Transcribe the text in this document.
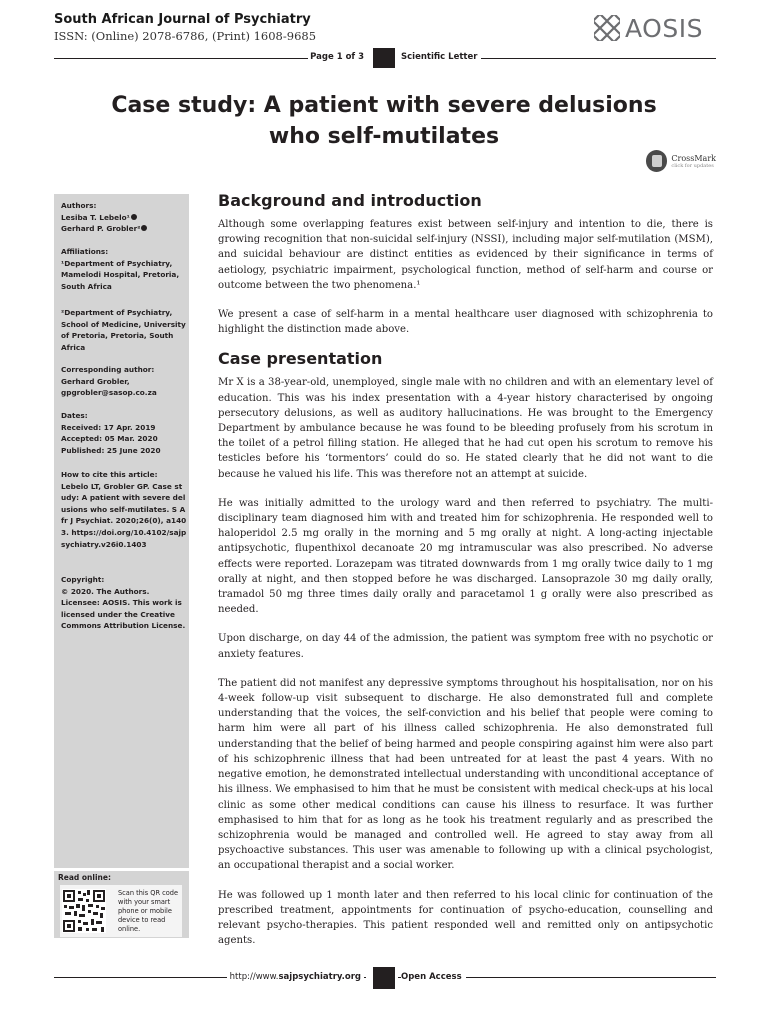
South African Journal of Psychiatry
ISSN: (Online) 2078-6786, (Print) 1608-9685	AOSIS
Page 1 of 3	Scientific Letter
Case study: A patient with severe delusions
who self-mutilates
CrossMark
click for updates
Authors:
Lesiba T. Lebelo¹
Gerhard P. Grobler²
Affiliations:
¹Department of Psychiatry, Mamelodi Hospital, Pretoria, South Africa
²Department of Psychiatry, School of Medicine, University of Pretoria, Pretoria, South Africa
Corresponding author:
Gerhard Grobler,
gpgrobler@sasop.co.za
Dates:
Received: 17 Apr. 2019
Accepted: 05 Mar. 2020
Published: 25 June 2020
How to cite this article:
Lebelo LT, Grobler GP. Case study: A patient with severe delusions who self-mutilates. S Afr J Psychiat. 2020;26(0), a1403. https://doi.org/10.4102/sajpsychiatry.v26i0.1403
Copyright:
© 2020. The Authors. Licensee: AOSIS. This work is licensed under the Creative Commons Attribution License.
Read online:
Scan this QR code with your smart phone or mobile device to read online.
Background and introduction

Although some overlapping features exist between self-injury and intention to die, there is growing recognition that non-suicidal self-injury (NSSI), including major self-mutilation (MSM), and suicidal behaviour are distinct entities as evidenced by their significance in terms of aetiology, psychiatric impairment, psychological function, method of self-harm and course or outcome between the two phenomena.¹

We present a case of self-harm in a mental healthcare user diagnosed with schizophrenia to highlight the distinction made above.

Case presentation

Mr X is a 38-year-old, unemployed, single male with no children and with an elementary level of education. This was his index presentation with a 4-year history characterised by ongoing persecutory delusions, as well as auditory hallucinations. He was brought to the Emergency Department by ambulance because he was found to be bleeding profusely from his scrotum in the toilet of a petrol filling station. He alleged that he had cut open his scrotum to remove his testicles before his ‘tormentors’ could do so. He stated clearly that he did not want to die because he valued his life. This was therefore not an attempt at suicide.

He was initially admitted to the urology ward and then referred to psychiatry. The multi-disciplinary team diagnosed him with and treated him for schizophrenia. He responded well to haloperidol 2.5 mg orally in the morning and 5 mg orally at night. A long-acting injectable antipsychotic, flupenthixol decanoate 20 mg intramuscular was also prescribed. No adverse effects were reported. Lorazepam was titrated downwards from 1 mg orally twice daily to 1 mg orally at night, and then stopped before he was discharged. Lansoprazole 30 mg daily orally, tramadol 50 mg three times daily orally and paracetamol 1 g orally were also prescribed as needed.

Upon discharge, on day 44 of the admission, the patient was symptom free with no psychotic or anxiety features.

The patient did not manifest any depressive symptoms throughout his hospitalisation, nor on his 4-week follow-up visit subsequent to discharge. He also demonstrated full and complete understanding that the voices, the self-conviction and his belief that people were coming to harm him were all part of his illness called schizophrenia. He also demonstrated full understanding that the belief of being harmed and people conspiring against him were also part of his schizophrenic illness that had been untreated for at least the past 4 years. With no negative emotion, he demonstrated intellectual understanding with unconditional acceptance of his illness. We emphasised to him that he must be consistent with medical check-ups at his local clinic as some other medical conditions can cause his illness to resurface. It was further emphasised to him that for as long as he took his treatment regularly and as prescribed the schizophrenia would be managed and controlled well. He agreed to stay away from all psychoactive substances. This user was amenable to following up with a clinical psychologist, an occupational therapist and a social worker.

He was followed up 1 month later and then referred to his local clinic for continuation of the prescribed treatment, appointments for continuation of psycho-education, counselling and relevant psycho-therapies. This patient responded well and remitted only on antipsychotic agents.

http://www.sajpsychiatry.org	Open Access
